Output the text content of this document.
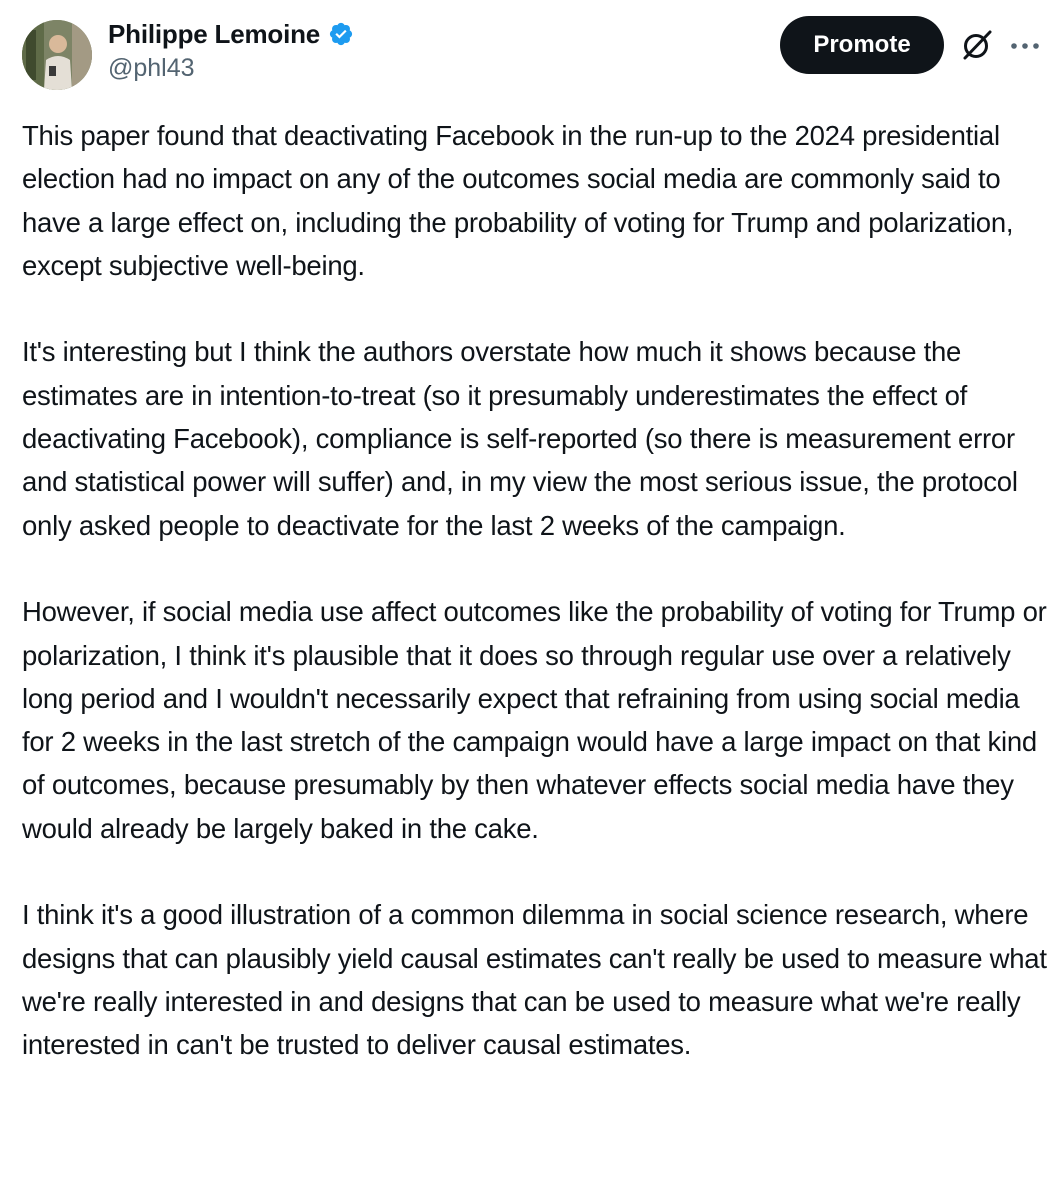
Philippe Lemoine
@phl43
Promote

This paper found that deactivating Facebook in the run-up to the 2024 presidential election had no impact on any of the outcomes social media are commonly said to have a large effect on, including the probability of voting for Trump and polarization, except subjective well-being.

It's interesting but I think the authors overstate how much it shows because the estimates are in intention-to-treat (so it presumably underestimates the effect of deactivating Facebook), compliance is self-reported (so there is measurement error and statistical power will suffer) and, in my view the most serious issue, the protocol only asked people to deactivate for the last 2 weeks of the campaign.

However, if social media use affect outcomes like the probability of voting for Trump or polarization, I think it's plausible that it does so through regular use over a relatively long period and I wouldn't necessarily expect that refraining from using social media for 2 weeks in the last stretch of the campaign would have a large impact on that kind of outcomes, because presumably by then whatever effects social media have they would already be largely baked in the cake.

I think it's a good illustration of a common dilemma in social science research, where designs that can plausibly yield causal estimates can't really be used to measure what we're really interested in and designs that can be used to measure what we're really interested in can't be trusted to deliver causal estimates.
